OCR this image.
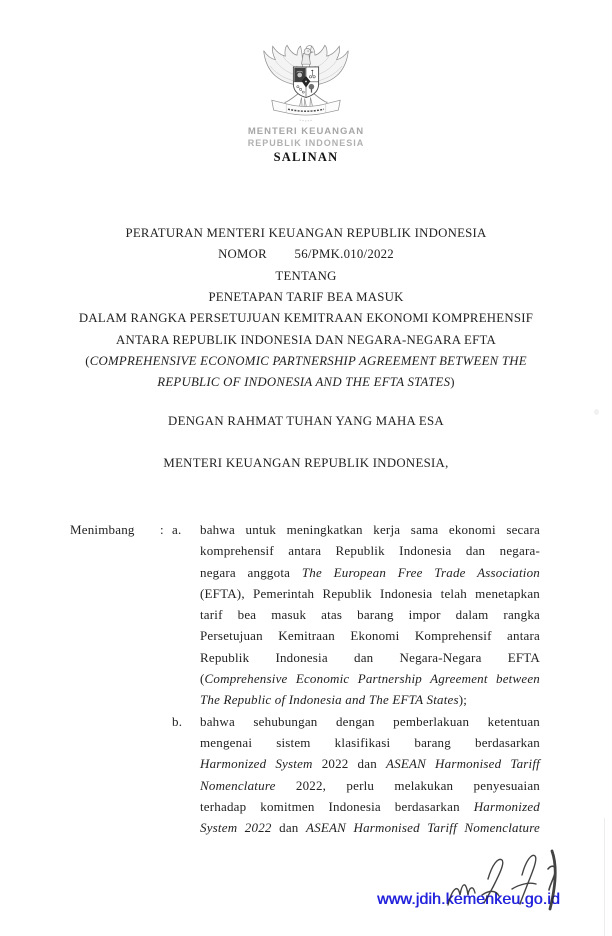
MENTERI KEUANGAN
REPUBLIK INDONESIA
SALINAN
PERATURAN MENTERI KEUANGAN REPUBLIK INDONESIA
NOMOR        56/PMK.010/2022
TENTANG
PENETAPAN TARIF BEA MASUK
DALAM RANGKA PERSETUJUAN KEMITRAAN EKONOMI KOMPREHENSIF
ANTARA REPUBLIK INDONESIA DAN NEGARA-NEGARA EFTA
(COMPREHENSIVE ECONOMIC PARTNERSHIP AGREEMENT BETWEEN THE
REPUBLIC OF INDONESIA AND THE EFTA STATES)
DENGAN RAHMAT TUHAN YANG MAHA ESA
MENTERI KEUANGAN REPUBLIK INDONESIA,
Menimbang : a. bahwa untuk meningkatkan kerja sama ekonomi secara
komprehensif antara Republik Indonesia dan negara-
negara anggota The European Free Trade Association
(EFTA), Pemerintah Republik Indonesia telah menetapkan
tarif bea masuk atas barang impor dalam rangka
Persetujuan Kemitraan Ekonomi Komprehensif antara
Republik Indonesia dan Negara-Negara EFTA
(Comprehensive Economic Partnership Agreement between
The Republic of Indonesia and The EFTA States);
b. bahwa sehubungan dengan pemberlakuan ketentuan
mengenai sistem klasifikasi barang berdasarkan
Harmonized System 2022 dan ASEAN Harmonised Tariff
Nomenclature 2022, perlu melakukan penyesuaian
terhadap komitmen Indonesia berdasarkan Harmonized
System 2022 dan ASEAN Harmonised Tariff Nomenclature
www.jdih.kemenkeu.go.id
